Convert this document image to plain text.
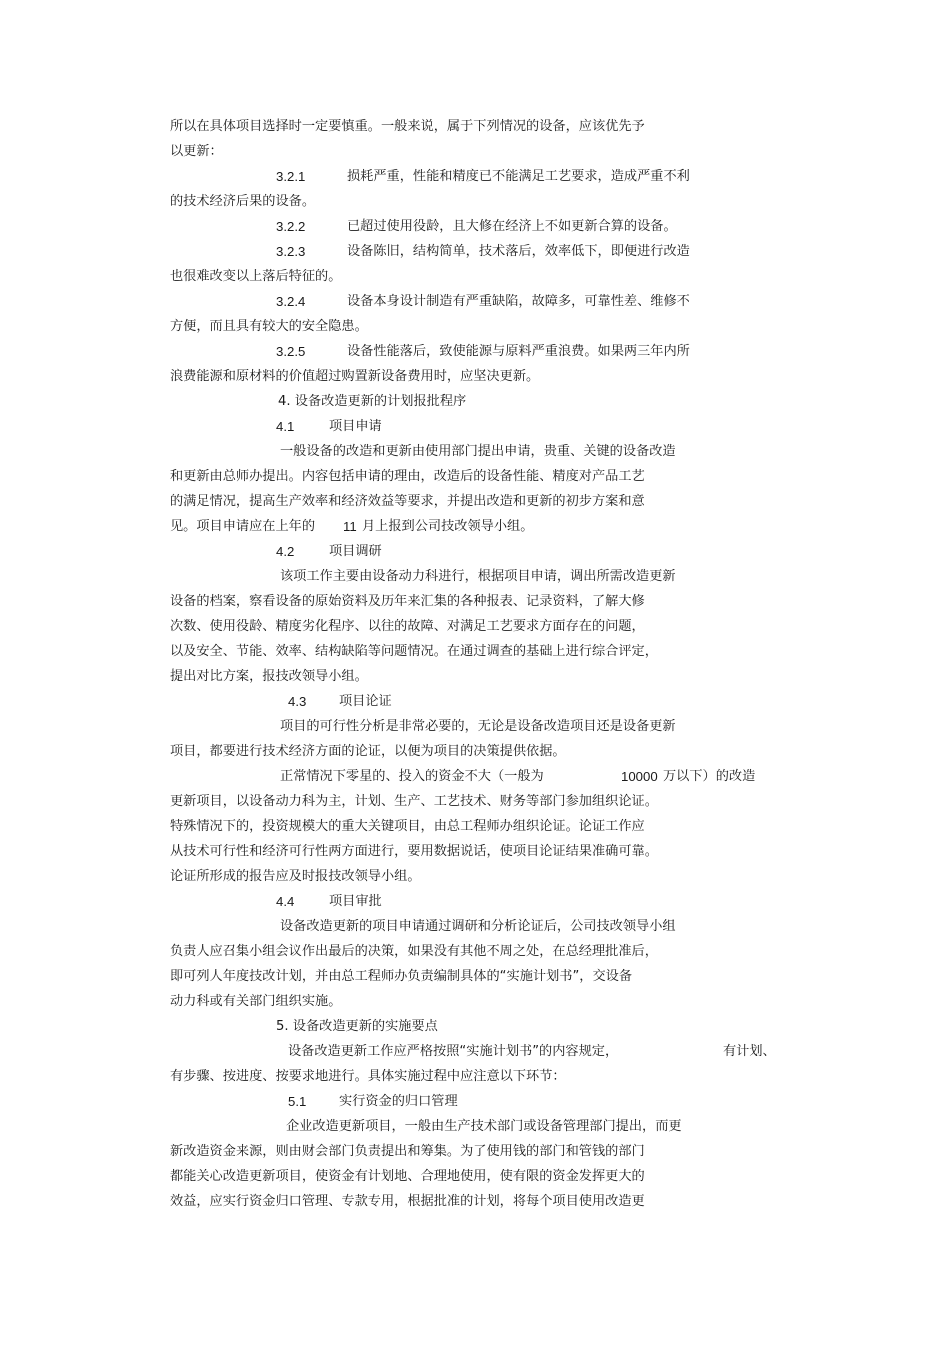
所以在具体项目选择时一定要慎重。一般来说，属于下列情况的设备，应该优先予
以更新：
3.2.1	损耗严重，性能和精度已不能满足工艺要求，造成严重不利
的技术经济后果的设备。
3.2.2	已超过使用役龄，且大修在经济上不如更新合算的设备。
3.2.3	设备陈旧，结构简单，技术落后，效率低下，即便进行改造
也很难改变以上落后特征的。
3.2.4	设备本身设计制造有严重缺陷，故障多，可靠性差、维修不
方便，而且具有较大的安全隐患。
3.2.5	设备性能落后，致使能源与原料严重浪费。如果两三年内所
浪费能源和原材料的价值超过购置新设备费用时，应坚决更新。
4. 设备改造更新的计划报批程序
4.1	项目申请
一般设备的改造和更新由使用部门提出申请，贵重、关键的设备改造
和更新由总师办提出。内容包括申请的理由，改造后的设备性能、精度对产品工艺
的满足情况，提高生产效率和经济效益等要求，并提出改造和更新的初步方案和意
见。项目申请应在上年的 11 月上报到公司技改领导小组。
4.2	项目调研
该项工作主要由设备动力科进行，根据项目申请，调出所需改造更新
设备的档案，察看设备的原始资料及历年来汇集的各种报表、记录资料，了解大修
次数、使用役龄、精度劣化程序、以往的故障、对满足工艺要求方面存在的问题，
以及安全、节能、效率、结构缺陷等问题情况。在通过调查的基础上进行综合评定，
提出对比方案，报技改领导小组。
4.3 项目论证
项目的可行性分析是非常必要的，无论是设备改造项目还是设备更新
项目，都要进行技术经济方面的论证，以便为项目的决策提供依据。
正常情况下零星的、投入的资金不大（一般为	10000 万以下）的改造
更新项目，以设备动力科为主，计划、生产、工艺技术、财务等部门参加组织论证。
特殊情况下的，投资规模大的重大关键项目，由总工程师办组织论证。论证工作应
从技术可行性和经济可行性两方面进行，要用数据说话，使项目论证结果准确可靠。
论证所形成的报告应及时报技改领导小组。
4.4	项目审批
设备改造更新的项目申请通过调研和分析论证后，公司技改领导小组
负责人应召集小组会议作出最后的决策，如果没有其他不周之处，在总经理批准后，
即可列人年度技改计划，并由总工程师办负责编制具体的“实施计划书”，交设备
动力科或有关部门组织实施。
5. 设备改造更新的实施要点
设备改造更新工作应严格按照“实施计划书”的内容规定，	有计划、
有步骤、按进度、按要求地进行。具体实施过程中应注意以下环节：
5.1 实行资金的归口管理
企业改造更新项目，一般由生产技术部门或设备管理部门提出，而更
新改造资金来源，则由财会部门负责提出和筹集。为了使用钱的部门和管钱的部门
都能关心改造更新项目，使资金有计划地、合理地使用，使有限的资金发挥更大的
效益，应实行资金归口管理、专款专用，根据批准的计划，将每个项目使用改造更
